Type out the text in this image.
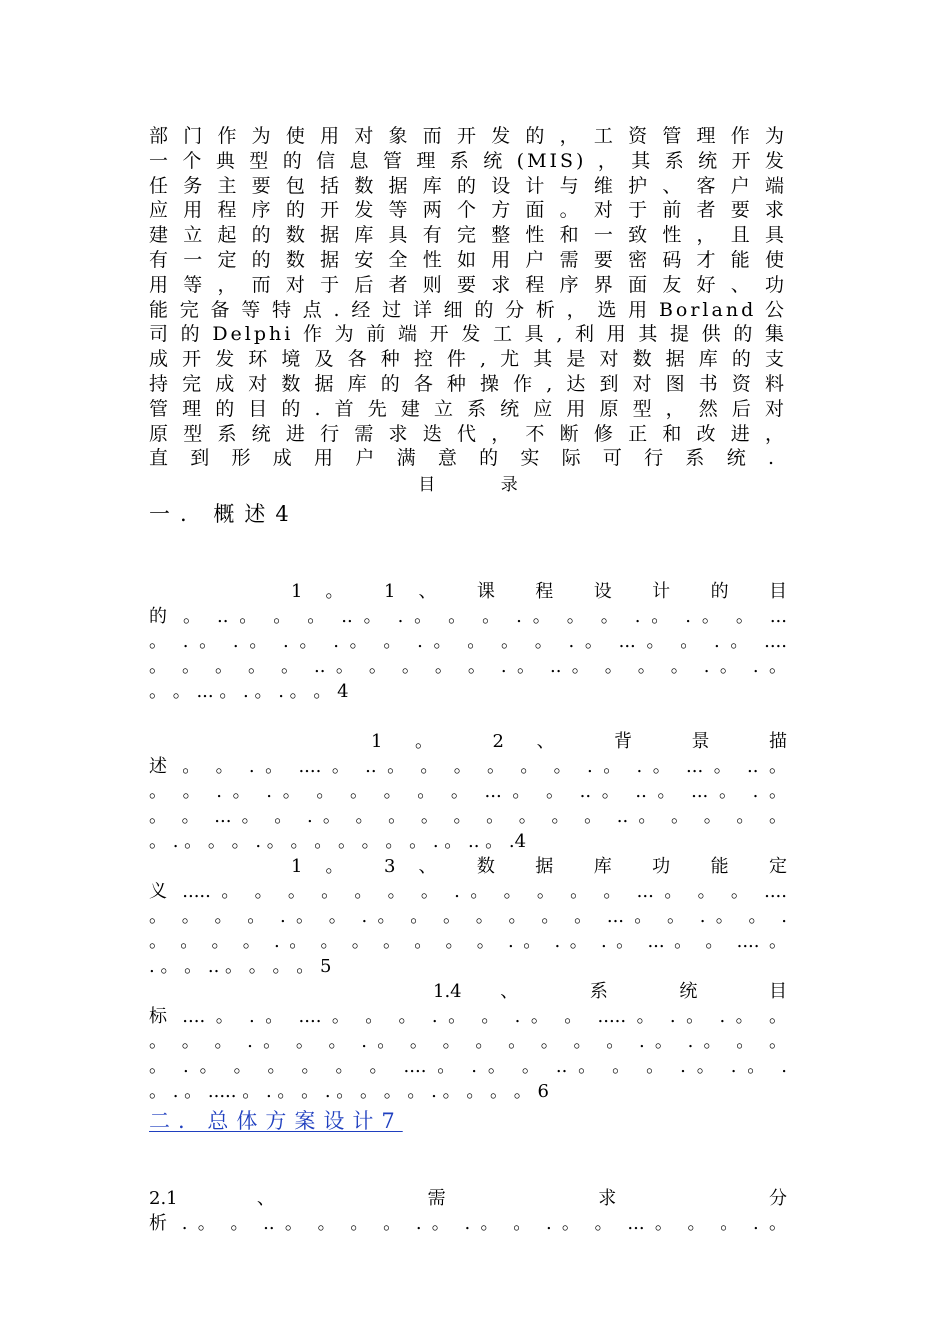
部门作为使用对象而开发的，工资管理作为
一个典型的信息管理系统(MIS)，其系统开发
任务主要包括数据库的设计与维护、客户端
应用程序的开发等两个方面。对于前者要求
建立起的数据库具有完整性和一致性，且具
有一定的数据安全性如用户需要密码才能使
用等，而对于后者则要求程序界面友好、功
能完备等特点.经过详细的分析，选用Borland公
司的Delphi作为前端开发工具,利用其提供的集
成开发环境及各种控件,尤其是对数据库的支
持完成对数据库的各种操作,达到对图书资料
管理的目的.首先建立系统应用原型，然后对
原型系统进行需求迭代，不断修正和改进，
直到形成用户满意的实际可行系统.
目 录
一. 概述4
1 。 1 、 课 程 设 计 的 目
的 。 .. 。 。 。 .. 。 . 。 。 。 . 。 。 。 . 。 . 。 。 ...
。 . 。 . 。 . 。 . 。 。 . 。 。 。 。 . 。 ... 。 。 . 。 ....
。 。 。 。 。 .. 。 。 。 。 。 . 。 .. 。 。 。 。 . 。 . 。
。 。 ... 。 . 。 . 。 。 4
1 。 2 、 背 景 描
述 。 。 . 。 .... 。 .. 。 。 。 。 。 。 . 。 . 。 ... 。 .. 。
。 。 . 。 . 。 。 。 。 。 。 ... 。 。 .. 。 .. 。 ... 。 . 。
。 。 ... 。 。 . 。 。 。 。 。 。 。 。 。 .. 。 。 。 。 。
。 . 。 。 。 . 。 。 。 。 。 。 。 . 。 .. 。 .4
1 。 3 、 数 据 库 功 能 定
义 ..... 。 。 。 。 。 。 。 . 。 。 。 。 。 ... 。 。 。 ....
。 。 。 。 . 。 。 . 。 。 。 。 。 。 。 ... 。 。 . 。 。 .
。 。 。 。 . 。 。 。 。 。 。 。 . 。 . 。 . 。 ... 。 。 .... 。
. 。 。 .. 。 。 。 。 5
1.4 、 系 统 目
标 .... 。 . 。 .... 。 。 。 . 。 。 . 。 。 ..... 。 . 。 . 。 。
。 。 。 . 。 。 。 . 。 。 。 。 。 。 。 。 . 。 . 。 。 。
。 . 。 。 。 。 。 。 .... 。 . 。 。 .. 。 。 。 . 。 . 。 .
。 . 。 ..... 。 . 。 。 . 。 。 。 。 . 。 。 。 。 6
二. 总体方案设计7
2.1 、 需 求 分
析 . 。 。 .. 。 。 。 。 . 。 . 。 。 . 。 。 ... 。 。 。 . 。
